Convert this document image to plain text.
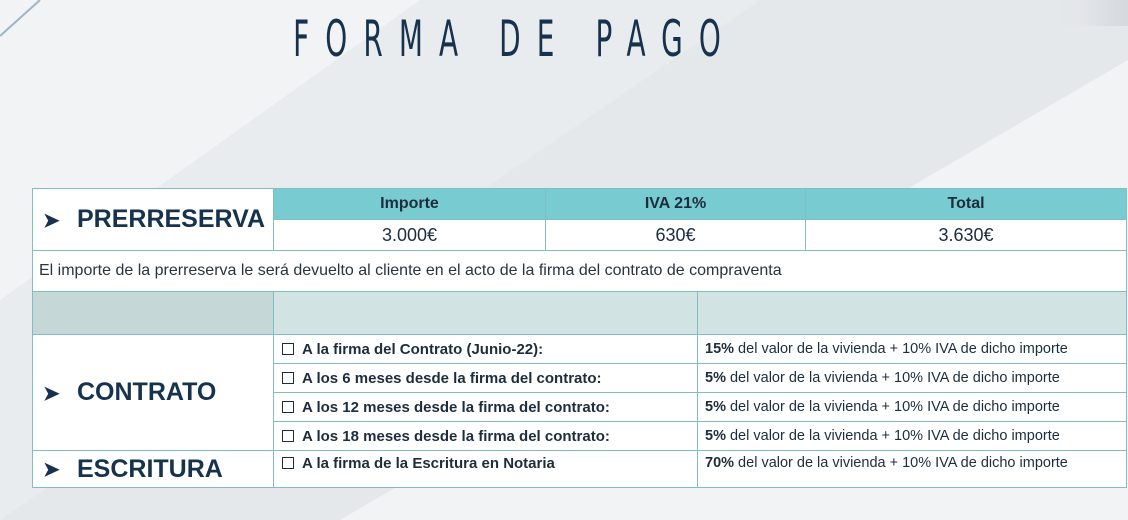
FORMA DE PAGO
➤ PRERRESERVA	Importe	IVA 21%		Total
	3.000€	630€		3.630€
El importe de la prerreserva le será devuelto al cliente en el acto de la firma del contrato de compraventa				

➤ CONTRATO	A la firma del Contrato (Junio-22):		15% del valor de la vivienda + 10% IVA de dicho importe	
	A los 6 meses desde la firma del contrato:		5% del valor de la vivienda + 10% IVA de dicho importe	
	A los 12 meses desde la firma del contrato:		5% del valor de la vivienda + 10% IVA de dicho importe	
	A los 18 meses desde la firma del contrato:		5% del valor de la vivienda + 10% IVA de dicho importe	
➤ ESCRITURA	A la firma de la Escritura en Notaria		70% del valor de la vivienda + 10% IVA de dicho importe	
